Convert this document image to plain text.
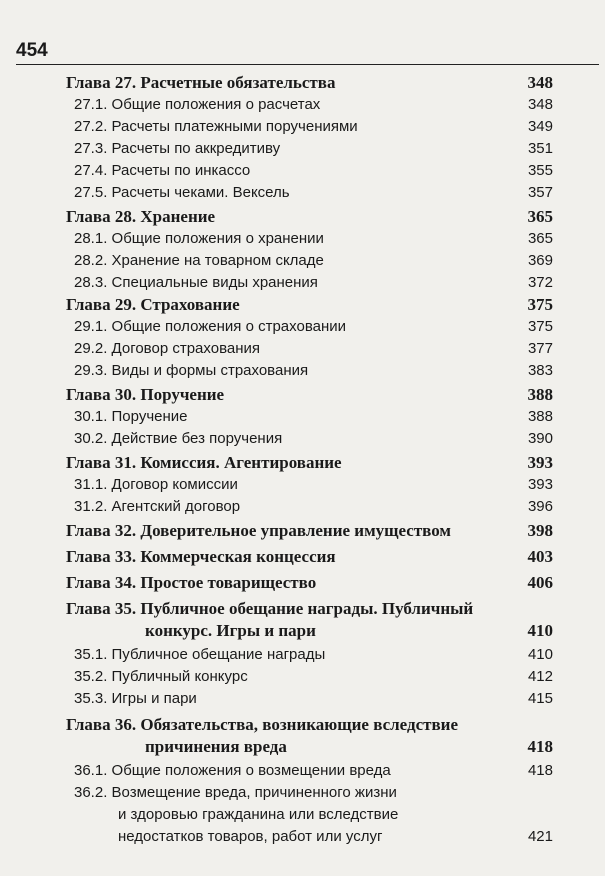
454
Глава 27. Расчетные обязательства	348
27.1. Общие положения о расчетах	348
27.2. Расчеты платежными поручениями	349
27.3. Расчеты по аккредитиву	351
27.4. Расчеты по инкассо	355
27.5. Расчеты чеками. Вексель	357
Глава 28. Хранение	365
28.1. Общие положения о хранении	365
28.2. Хранение на товарном складе	369
28.3. Специальные виды хранения	372
Глава 29. Страхование	375
29.1. Общие положения о страховании	375
29.2. Договор страхования	377
29.3. Виды и формы страхования	383
Глава 30. Поручение	388
30.1. Поручение	388
30.2. Действие без поручения	390
Глава 31. Комиссия. Агентирование	393
31.1. Договор комиссии	393
31.2. Агентский договор	396
Глава 32. Доверительное управление имуществом	398
Глава 33. Коммерческая концессия	403
Глава 34. Простое товарищество	406
Глава 35. Публичное обещание награды. Публичный
конкурс. Игры и пари	410
35.1. Публичное обещание награды	410
35.2. Публичный конкурс	412
35.3. Игры и пари	415
Глава 36. Обязательства, возникающие вследствие
причинения вреда	418
36.1. Общие положения о возмещении вреда	418
36.2. Возмещение вреда, причиненного жизни
и здоровью гражданина или вследствие
недостатков товаров, работ или услуг	421
